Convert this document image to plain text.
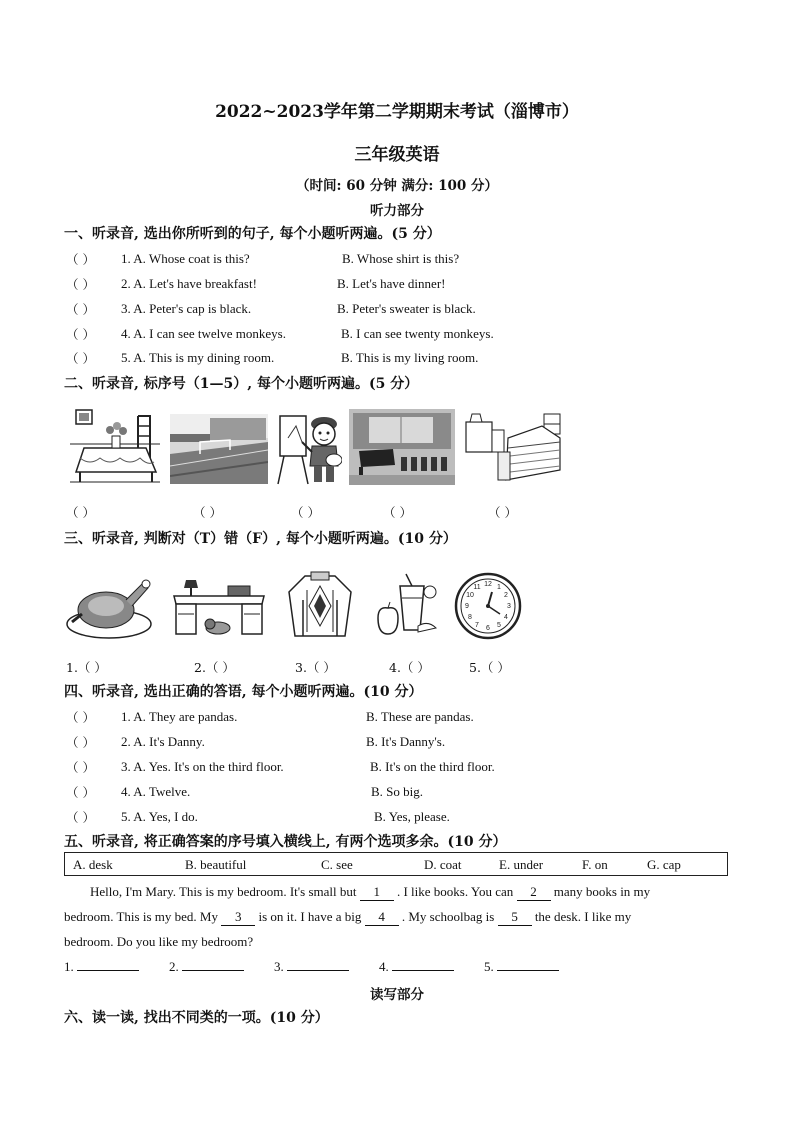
2022~2023学年第二学期期末考试（淄博市）
三年级英语
（时间: 60 分钟 满分: 100 分）
听力部分
一、听录音, 选出你所听到的句子, 每个小题听两遍。(5 分）
（ ） 1. A. Whose coat is this?	B. Whose shirt is this?
（ ） 2. A. Let's have breakfast!	B. Let's have dinner!
（ ） 3. A. Peter's cap is black.	B. Peter's sweater is black.
（ ） 4. A. I can see twelve monkeys.	B. I can see twenty monkeys.
（ ） 5. A. This is my dining room.	B. This is my living room.
二、听录音, 标序号（1—5）, 每个小题听两遍。(5 分）
（ ）	（ ）	（ ）	（ ）	（ ）
三、听录音, 判断对（T）错（F）, 每个小题听两遍。(10 分）
12 1
2
3
4
5
6
7
8
9
10
11
1.（ ）	2.（ ）	3.（ ）	4.（ ）	5.（ ）
四、听录音, 选出正确的答语, 每个小题听两遍。(10 分）
（ ） 1. A. They are pandas.	B. These are pandas.
（ ） 2. A. It's Danny.	B. It's Danny's.
（ ） 3. A. Yes. It's on the third floor.	B. It's on the third floor.
（ ） 4. A. Twelve.	B. So big.
（ ） 5. A. Yes, I do.	B. Yes, please.
五、听录音, 将正确答案的序号填入横线上, 有两个选项多余。(10 分）
A. desk	B. beautiful	C. see	D. coat	E. under	F. on	G. cap
Hello, I'm Mary. This is my bedroom. It's small but 1 . I like books. You can 2 many books in my
bedroom. This is my bed. My 3 is on it. I have a big 4 . My schoolbag is 5 the desk. I like my
bedroom. Do you like my bedroom?
1.	2.	3.	4.	5.
读写部分
六、读一读, 找出不同类的一项。(10 分）
